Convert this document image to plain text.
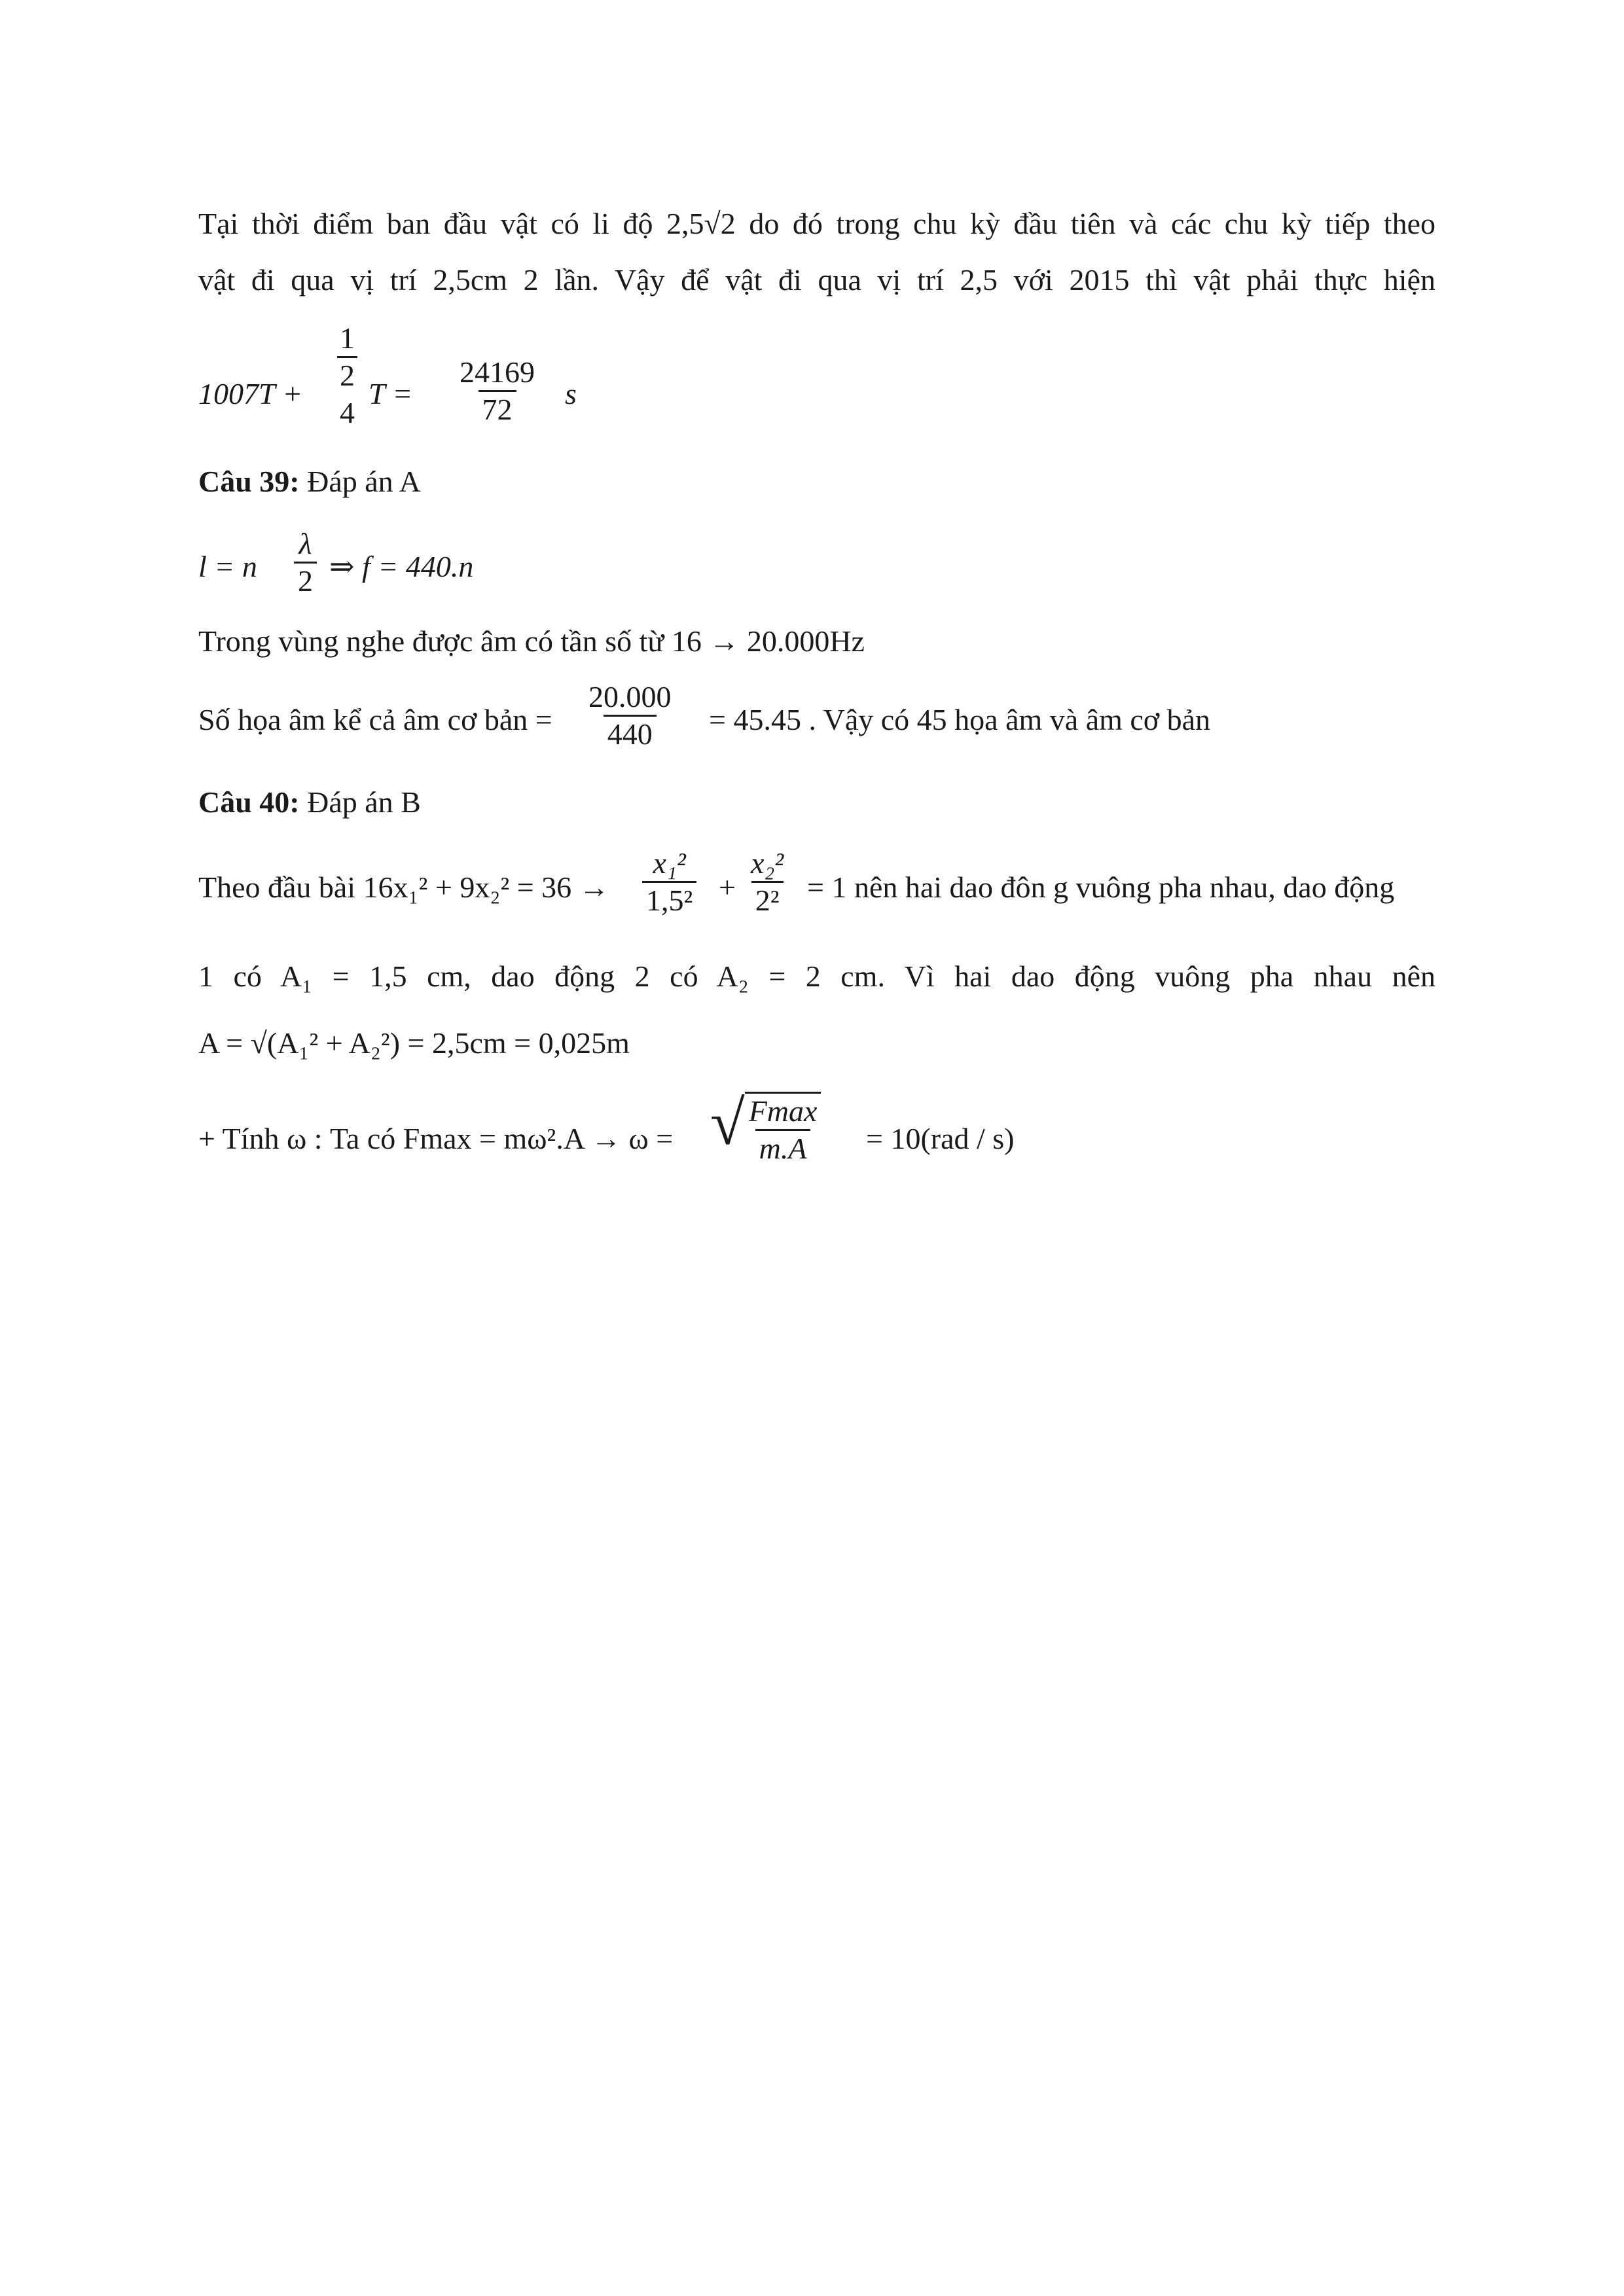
Tại thời điểm ban đầu vật có li độ 2,5√2 do đó trong chu kỳ đầu tiên và các chu kỳ tiếp theo
vật đi qua vị trí 2,5cm 2 lần. Vậy để vật đi qua vị trí 2,5 với 2015 thì vật phải thực hiện
1007T +
1
2
4
$T = \frac{24169}{72}$ s
Câu 39: Đáp án A
l = n $\frac{\lambda}{2}$ ⇒ f = 440.n
Trong vùng nghe được âm có tần số từ 16 → 20.000Hz
Số họa âm kể cả âm cơ bản = $\frac{20.000}{440} = 45.45$ . Vậy có 45 họa âm và âm cơ bản
Câu 40: Đáp án B
Theo đầu bài $16x_1^2 + 9x_2^2 = 36 \to \frac{\text{x₁²}}{\text{1,5²}} + \frac{\text{x₂²}}{\text{2²}} = 1$ nên hai dao đôn g vuông pha nhau, dao động
1 có A₁ = 1,5 cm, dao động 2 có A₂ = 2 cm. Vì hai dao động vuông pha nhau nên
A = √(A₁² + A₂²) = 2,5cm = 0,025m
+ Tính ω : Ta có Fmax = mω².A → ω = √ $\frac{Fmax}{m.A} = 10(rad / s)$
